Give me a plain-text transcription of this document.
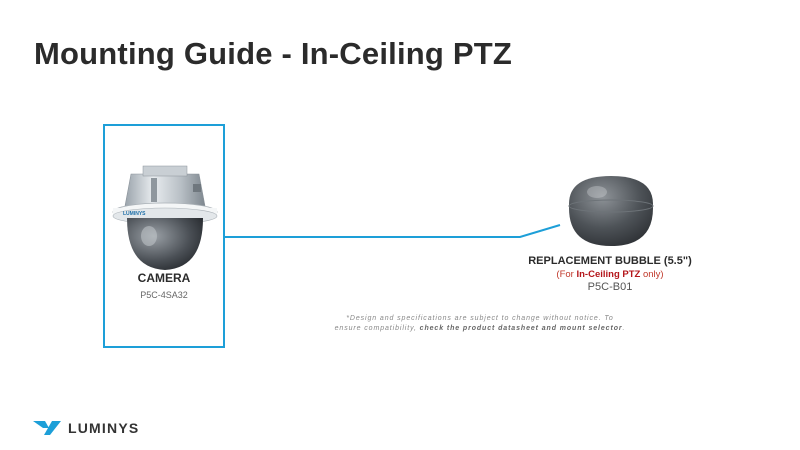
Mounting Guide - In-Ceiling PTZ
LUMINYS
CAMERA
P5C-4SA32
REPLACEMENT BUBBLE (5.5")
(For In-Ceiling PTZ only)
P5C-B01
*Design and specifications are subject to change without notice. To
ensure compatibility, check the product datasheet and mount selector.
LUMINYS
